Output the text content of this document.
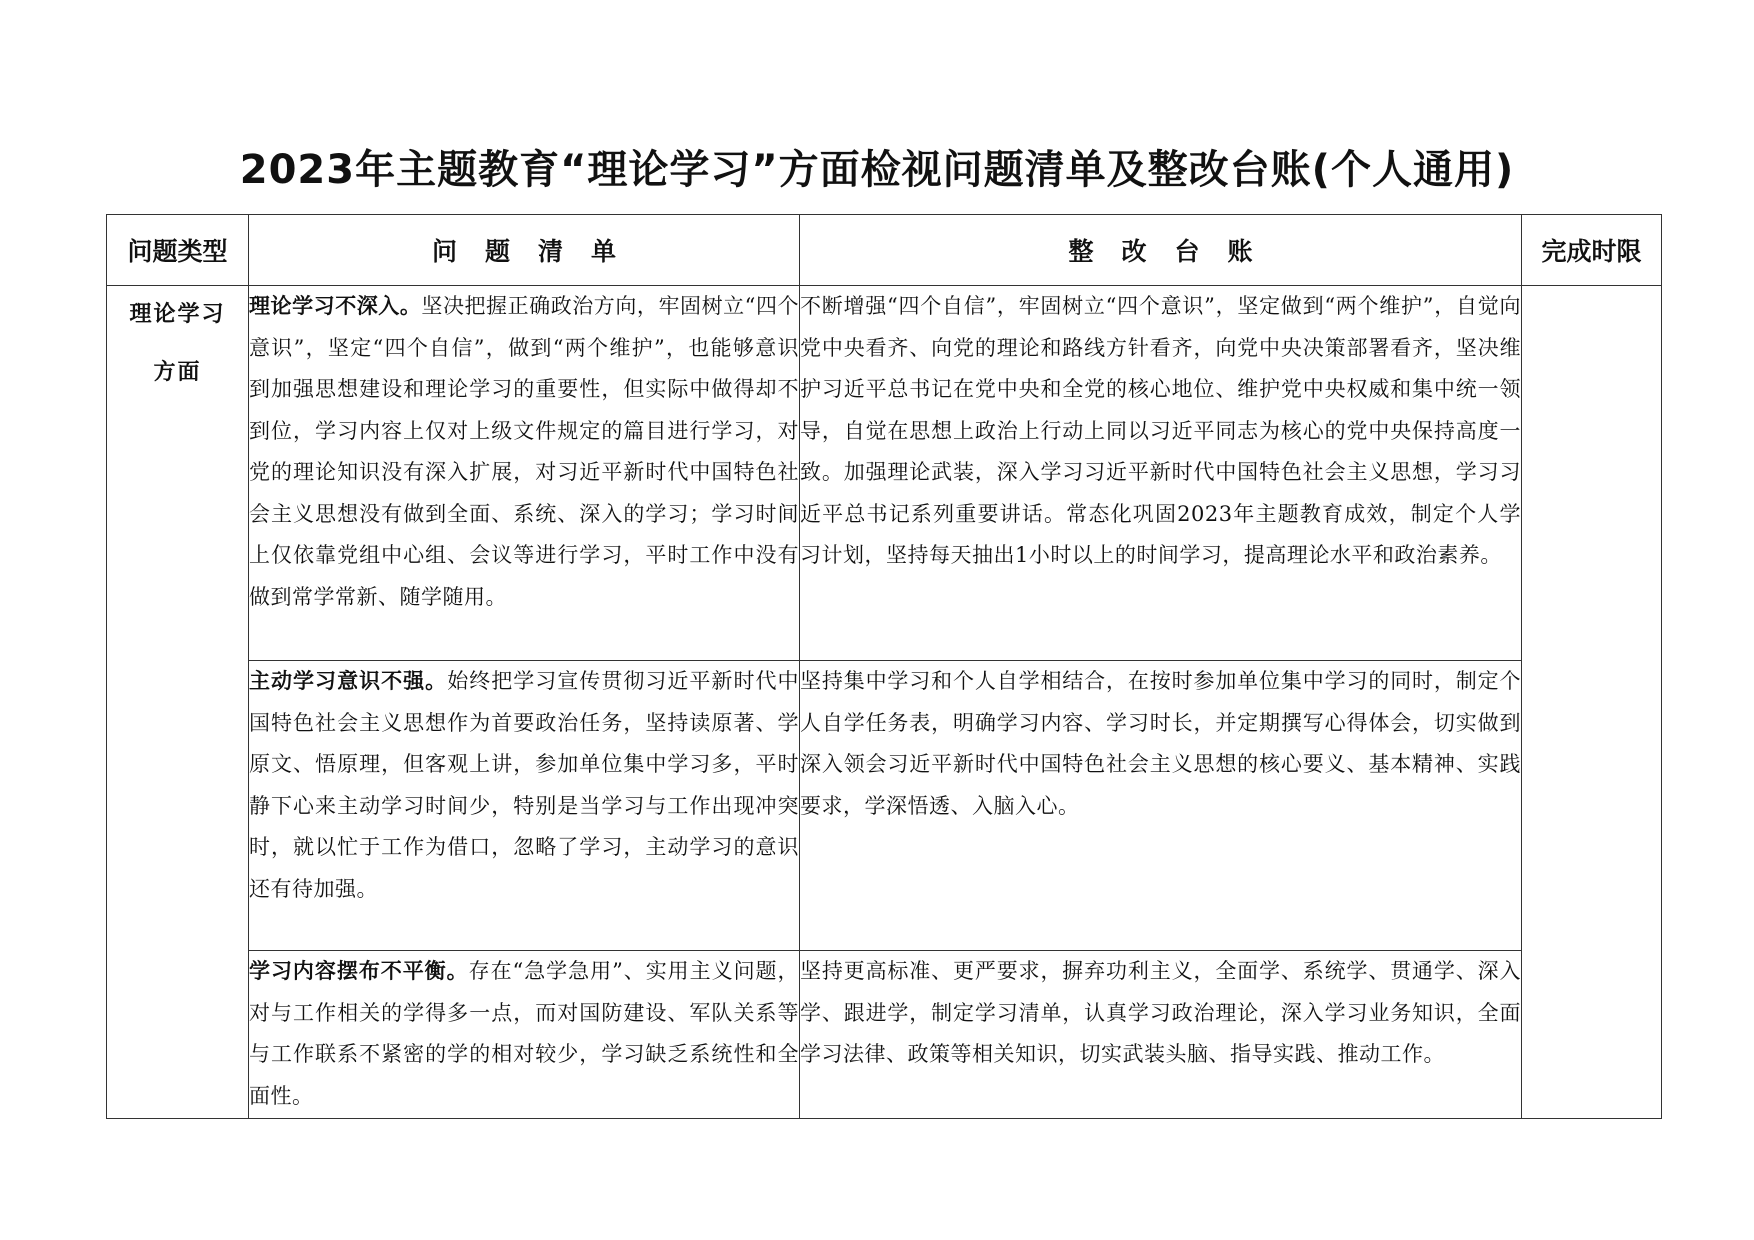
2023年主题教育“理论学习”方面检视问题清单及整改台账(个人通用)
问题类型	问题清单	整改台账	完成时限

理论学习
方面	理论学习不深入。坚决把握正确政治方向，牢固树立“四个意识”，坚定“四个自信”，做到“两个维护”，也能够意识到加强思想建设和理论学习的重要性，但实际中做得却不到位，学习内容上仅对上级文件规定的篇目进行学习，对党的理论知识没有深入扩展，对习近平新时代中国特色社会主义思想没有做到全面、系统、深入的学习；学习时间上仅依靠党组中心组、会议等进行学习，平时工作中没有做到常学常新、随学随用。	不断增强“四个自信”，牢固树立“四个意识”，坚定做到“两个维护”，自觉向党中央看齐、向党的理论和路线方针看齐，向党中央决策部署看齐，坚决维护习近平总书记在党中央和全党的核心地位、维护党中央权威和集中统一领导，自觉在思想上政治上行动上同以习近平同志为核心的党中央保持高度一致。加强理论武装，深入学习习近平新时代中国特色社会主义思想，学习习近平总书记系列重要讲话。常态化巩固2023年主题教育成效，制定个人学习计划，坚持每天抽出1小时以上的时间学习，提高理论水平和政治素养。	
	主动学习意识不强。始终把学习宣传贯彻习近平新时代中国特色社会主义思想作为首要政治任务，坚持读原著、学原文、悟原理，但客观上讲，参加单位集中学习多，平时静下心来主动学习时间少，特别是当学习与工作出现冲突时，就以忙于工作为借口，忽略了学习，主动学习的意识还有待加强。	坚持集中学习和个人自学相结合，在按时参加单位集中学习的同时，制定个人自学任务表，明确学习内容、学习时长，并定期撰写心得体会，切实做到深入领会习近平新时代中国特色社会主义思想的核心要义、基本精神、实践要求，学深悟透、入脑入心。	
	学习内容摆布不平衡。存在“急学急用”、实用主义问题，对与工作相关的学得多一点，而对国防建设、军队关系等与工作联系不紧密的学的相对较少，学习缺乏系统性和全面性。	坚持更高标准、更严要求，摒弃功利主义，全面学、系统学、贯通学、深入学、跟进学，制定学习清单，认真学习政治理论，深入学习业务知识，全面学习法律、政策等相关知识，切实武装头脑、指导实践、推动工作。	
